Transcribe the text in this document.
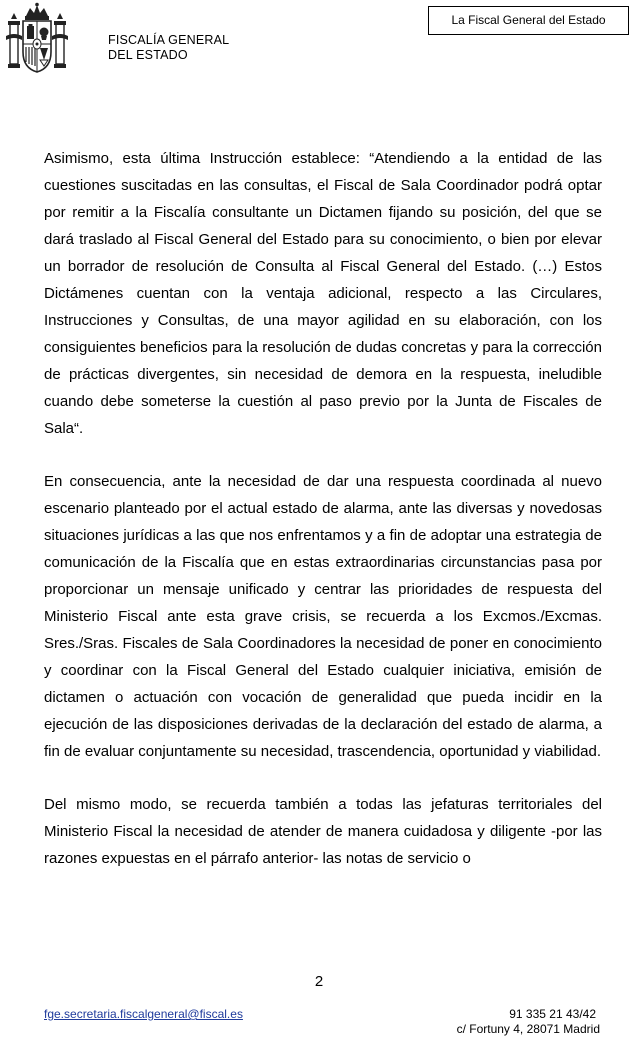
FISCALÍA GENERAL
DEL ESTADO
La Fiscal General del Estado

Asimismo, esta última Instrucción establece: “Atendiendo a la entidad de las cuestiones suscitadas en las consultas, el Fiscal de Sala Coordinador podrá optar por remitir a la Fiscalía consultante un Dictamen fijando su posición, del que se dará traslado al Fiscal General del Estado para su conocimiento, o bien por elevar un borrador de resolución de Consulta al Fiscal General del Estado. (…) Estos Dictámenes cuentan con la ventaja adicional, respecto a las Circulares, Instrucciones y Consultas, de una mayor agilidad en su elaboración, con los consiguientes beneficios para la resolución de dudas concretas y para la corrección de prácticas divergentes, sin necesidad de demora en la respuesta, ineludible cuando debe someterse la cuestión al paso previo por la Junta de Fiscales de Sala“.

En consecuencia, ante la necesidad de dar una respuesta coordinada al nuevo escenario planteado por el actual estado de alarma, ante las diversas y novedosas situaciones jurídicas a las que nos enfrentamos y a fin de adoptar una estrategia de comunicación de la Fiscalía que en estas extraordinarias circunstancias pasa por proporcionar un mensaje unificado y centrar las prioridades de respuesta del Ministerio Fiscal ante esta grave crisis, se recuerda a los Excmos./Excmas. Sres./Sras. Fiscales de Sala Coordinadores la necesidad de poner en conocimiento y coordinar con la Fiscal General del Estado cualquier iniciativa, emisión de dictamen o actuación con vocación de generalidad que pueda incidir en la ejecución de las disposiciones derivadas de la declaración del estado de alarma, a fin de evaluar conjuntamente su necesidad, trascendencia, oportunidad y viabilidad.

Del mismo modo, se recuerda también a todas las jefaturas territoriales del Ministerio Fiscal la necesidad de atender de manera cuidadosa y diligente -por las razones expuestas en el párrafo anterior- las notas de servicio o

2
fge.secretaria.fiscalgeneral@fiscal.es	91 335 21 43/42
c/ Fortuny 4, 28071 Madrid
